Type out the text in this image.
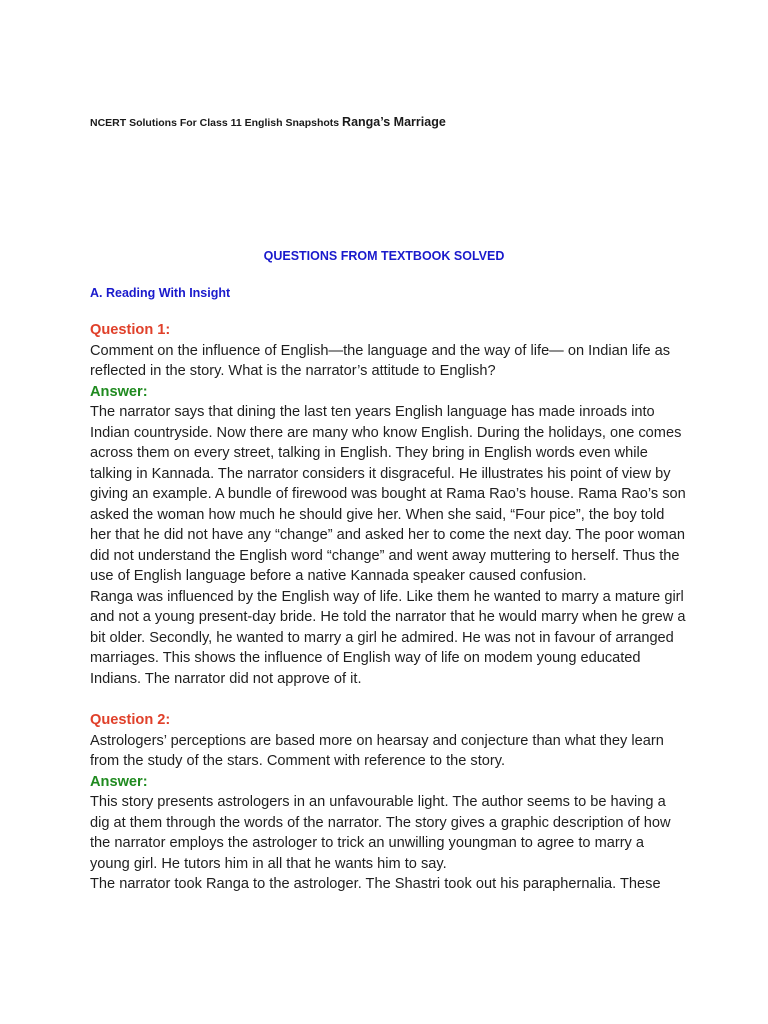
NCERT Solutions For Class 11 English Snapshots Ranga’s Marriage
QUESTIONS FROM TEXTBOOK SOLVED
A. Reading With Insight

Question 1:

Comment on the influence of English—the language and the way of life— on Indian life as reflected in the story. What is the narrator’s attitude to English?

Answer:

The narrator says that dining the last ten years English language has made inroads into Indian countryside. Now there are many who know English. During the holidays, one comes across them on every street, talking in English. They bring in English words even while talking in Kannada. The narrator considers it disgraceful. He illustrates his point of view by giving an example. A bundle of firewood was bought at Rama Rao’s house. Rama Rao’s son asked the woman how much he should give her. When she said, “Four pice”, the boy told her that he did not have any “change” and asked her to come the next day. The poor woman did not understand the English word “change” and went away muttering to herself. Thus the use of English language before a native Kannada speaker caused confusion.

Ranga was influenced by the English way of life. Like them he wanted to marry a mature girl and not a young present-day bride. He told the narrator that he would marry when he grew a bit older. Secondly, he wanted to marry a girl he admired. He was not in favour of arranged marriages. This shows the influence of English way of life on modem young educated Indians. The narrator did not approve of it.

Question 2:

Astrologers’ perceptions are based more on hearsay and conjecture than what they learn from the study of the stars. Comment with reference to the story.

Answer:

This story presents astrologers in an unfavourable light. The author seems to be having a dig at them through the words of the narrator. The story gives a graphic description of how the narrator employs the astrologer to trick an unwilling youngman to agree to marry a young girl. He tutors him in all that he wants him to say.

The narrator took Ranga to the astrologer. The Shastri took out his paraphernalia. These
